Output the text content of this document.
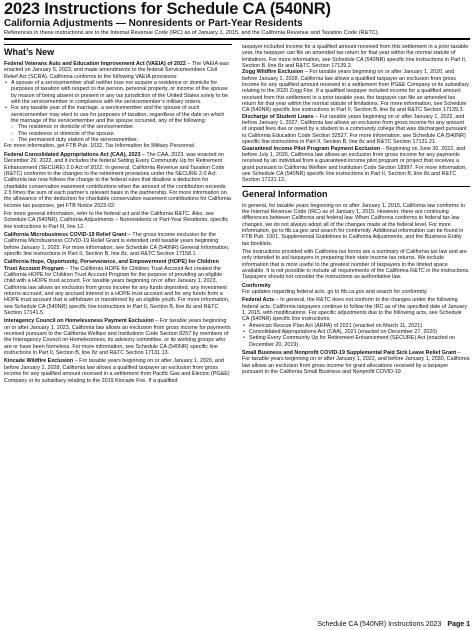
2023 Instructions for Schedule CA (540NR)
California Adjustments — Nonresidents or Part-Year Residents
References in these instructions are to the Internal Revenue Code (IRC) as of January 1, 2015, and the California Revenue and Taxation Code (R&TC).
What’s New

Federal Veterans Auto and Education Improvement Act (VAEIA) of 2022 – The VAEIA was enacted on January 5, 2023, and made amendments to the federal Servicemembers Civil Relief Act (SCRA). California conforms to the following VAEIA provisions:

• A spouse of a servicemember shall neither lose nor acquire a residence or domicile for purposes of taxation with respect to the person, personal property, or income of the spouse by reason of being absent or present in any tax jurisdiction of the United States solely to be with the servicemember in compliance with the servicemember’s military orders.

• For any taxable year of the marriage, a servicemember and the spouse of such servicemember may elect to use for purposes of taxation, regardless of the date on which the marriage of the servicemember and the spouse occurred, any of the following:

○ The residence or domicile of the servicemember.

○ The residence or domicile of the spouse.

○ The permanent duty station of the servicemember.

For more information, get FTB Pub. 1032, Tax Information for Military Personnel.

Federal Consolidated Appropriations Act (CAA), 2023 – The CAA, 2023, was enacted on December 29, 2022, and it includes the federal Setting Every Community Up for Retirement Enhancement (SECURE) 2.0 Act of 2022. In general, California Revenue and Taxation Code (R&TC) conforms to the changes to the retirement provisions under the SECURE 2.0 Act. California law now follows the change to the federal rules that disallow a deduction for charitable conservation easement contributions when the amount of the contribution exceeds 2.5 times the sum of each partner’s relevant basis in the partnership. For more information on the allowance of the deduction for charitable conservation easement contributions for California income tax purposes, get FTB Notice 2023-02.

For more general information, refer to the federal act and the California R&TC. Also, see Schedule CA (540NR), California Adjustments – Nonresidents or Part-Year Residents, specific line instructions in Part III, line 12.

California Microbusiness COVID-19 Relief Grant – The gross income exclusion for the California Microbusiness COVID-19 Relief Grant is extended until taxable years beginning before January 1, 2025. For more information, see Schedule CA (540NR) General Information, specific line instructions in Part II, Section B, line 8z, and R&TC Section 17158.1.

California Hope, Opportunity, Perseverance, and Empowerment (HOPE) for Children Trust Account Program – The California HOPE for Children Trust Account Act created the California HOPE for Children Trust Account Program for the purpose of providing an eligible child with a HOPE trust account. For taxable years beginning on or after January 1, 2023, California law allows an exclusion from gross income for any funds deposited, any investment returns accrued, and any accrued interest in a HOPE trust account and for any funds from a HOPE trust account that is withdrawn or transferred by an eligible youth. For more information, see Schedule CA (540NR) specific line instructions in Part II, Section B, line 8z and R&TC Section 17141.5.

Interagency Council on Homelessness Payment Exclusion – For taxable years beginning on or after January 1, 2023, California law allows an exclusion from gross income for payments received pursuant to the California Welfare and Institutions Code Section 8257 by members of the Interagency Council on Homelessness, its advisory committee, or its working groups who are or have been homeless. For more information, see Schedule CA (540NR) specific line instructions in Part II, Section B, line 8z and R&TC Section 17131.13.

Kincade Wildfire Exclusion – For taxable years beginning on or after January 1, 2020, and before January 1, 2028, California law allows a qualified taxpayer an exclusion from gross income for any qualified amount received in a settlement from Pacific Gas and Electric (PG&E) Company or its subsidiary relating to the 2019 Kincade Fire. If a qualified

taxpayer included income for a qualified amount received from this settlement in a prior taxable year, the taxpayer can file an amended tax return for that year within the normal statute of limitations. For more information, see Schedule CA (540NR) specific line instructions in Part II, Section B, line 8z and R&TC Section 17139.2.

Zogg Wildfire Exclusion – For taxable years beginning on or after January 1, 2020, and before January 1, 2028, California law allows a qualified taxpayer an exclusion from gross income for any qualified amount received in a settlement from PG&E Company or its subsidiary relating to the 2020 Zogg Fire. If a qualified taxpayer included income for a qualified amount received from this settlement in a prior taxable year, the taxpayer can file an amended tax return for that year within the normal statute of limitations. For more information, see Schedule CA (540NR) specific line instructions in Part II, Section B, line 8z and R&TC Section 17139.3.

Discharge of Student Loans – For taxable years beginning on or after January 1, 2022, and before January 1, 2027, California law allows an exclusion from gross income for any amount of unpaid fees due or owed by a student to a community college that was discharged pursuant to California Education Code Section 32527. For more information, see Schedule CA (540NR) specific line instructions in Part II, Section B, line 8z and R&TC Section 17131.21.

Guaranteed Income Pilot Program Payment Exclusion – Beginning on June 30, 2022, and before July 1, 2026, California law allows an exclusion from gross income for any payments received by an individual from a guaranteed income pilot program or project that receives a grant pursuant to California Welfare and Institution Code Section 18997. For more information, see Schedule CA (540NR) specific line instructions in Part II, Section B, line 8z and R&TC Section 17131.12.

General Information

In general, for taxable years beginning on or after January 1, 2015, California law conforms to the Internal Revenue Code (IRC) as of January 1, 2015. However, there are continuing differences between California and federal law. When California conforms to federal tax law changes, we do not always adopt all of the changes made at the federal level. For more information, go to ftb.ca.gov and search for conformity. Additional information can be found in FTB Pub. 1001, Supplemental Guidelines to California Adjustments, and the Business Entity tax booklets.

The instructions provided with California tax forms are a summary of California tax law and are only intended to aid taxpayers in preparing their state income tax returns. We include information that is most useful to the greatest number of taxpayers in the limited space available. It is not possible to include all requirements of the California R&TC in the instructions. Taxpayers should not consider the instructions as authoritative law.

Conformity

For updates regarding federal acts, go to ftb.ca.gov and search for conformity.

Federal Acts – In general, the R&TC does not conform to the changes under the following federal acts. California taxpayers continue to follow the IRC as of the specified date of January 1, 2015, with modifications. For specific adjustments due to the following acts, see Schedule CA (540NR) specific line instructions:

• American Rescue Plan Act (ARPA) of 2021 (enacted on March 11, 2021)

• Consolidated Appropriations Act (CAA), 2021 (enacted on December 27, 2020)

• Setting Every Community Up for Retirement Enhancement (SECURE) Act (enacted on December 20, 2019)

Small Business and Nonprofit COVID-19 Supplemental Paid Sick Leave Relief Grant – For taxable years beginning on or after January 1, 2022, and before January 1, 2030, California law allows an exclusion from gross income for grant allocations received by a taxpayer pursuant to the California Small Business and Nonprofit COVID-19

Schedule CA (540NR) Instructions 2023 Page 1
